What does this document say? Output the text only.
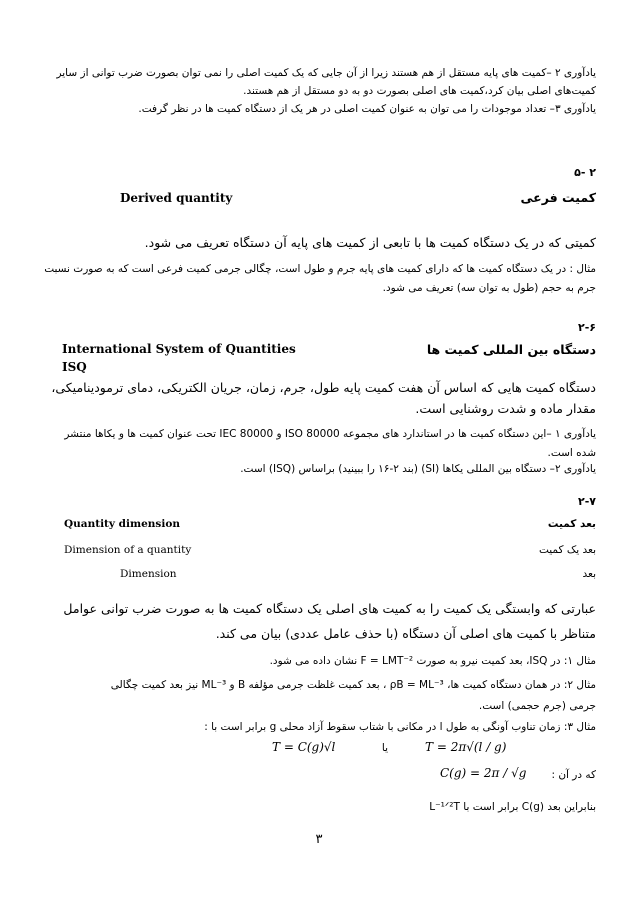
یادآوری ۲ –کمیت های پایه مستقل از هم هستند زیرا از آن جایی که یک کمیت اصلی را نمی توان بصورت ضرب توانی از سایر
کمیت‌های اصلی بیان کرد،کمیت های اصلی بصورت دو به دو مستقل از هم هستند.
یادآوری ۳– تعداد موجودات را می توان به عنوان کمیت اصلی در هر یک از دستگاه کمیت ها در نظر گرفت.
۲ -۵
کمیت فرعی
Derived quantity
کمیتی که در یک دستگاه کمیت ها با تابعی از کمیت های پایه آن دستگاه تعریف می شود.
مثال : در یک دستگاه کمیت ها که دارای کمیت های پایه جرم و طول است، چگالی جرمی کمیت فرعی است که به صورت نسبت
جرم به حجم (طول به توان سه) تعریف می شود.
۲-۶
دستگاه بین المللی کمیت ها
International System of Quantities
ISQ
دستگاه کمیت هایی که اساس آن هفت کمیت پایه طول، جرم، زمان، جریان الکتریکی، دمای ترمودینامیکی،
مقدار ماده و شدت روشنایی است.
یادآوری ۱ –این دستگاه کمیت ها در استاندارد های مجموعه ISO 80000 و IEC 80000 تحت عنوان کمیت ها و یکاها منتشر
شده است.
یادآوری ۲– دستگاه بین المللی یکاها (SI) (بند ۲-۱۶ را ببینید) براساس (ISQ) است.
۲-۷
بعد کمیت
Quantity dimension
بعد یک کمیت
Dimension of a quantity
بعد
Dimension
عبارتی که وابستگی یک کمیت را به کمیت های اصلی یک دستگاه کمیت ها به صورت ضرب توانی عوامل
متناظر با کمیت های اصلی آن دستگاه (با حذف عامل عددی) بیان می کند.
مثال ۱: در ISQ، بعد کمیت نیرو به صورت F = LMT⁻² نشان داده می شود.
مثال ۲: در همان دستگاه کمیت ها، ρB = ML⁻³ ، بعد کمیت غلظت جرمی مؤلفه B و ML⁻³ نیز بعد کمیت چگالی
جرمی (جرم حجمی) است.
مثال ۳: زمان تناوب آونگی به طول l در مکانی با شتاب سقوط آزاد محلی g برابر است با :
T = 2π√(l / g)
یا
T = C(g)√l
که در آن :
C(g) = 2π / √g
بنابراین بعد C(g) برابر است با L⁻¹ᐟ²T
۳
